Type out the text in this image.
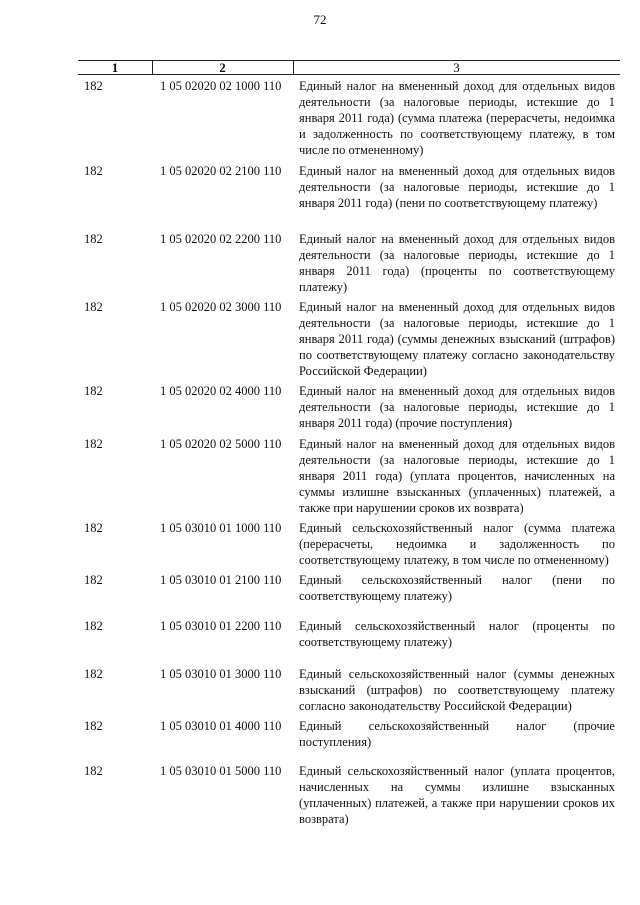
72
1	2	3
182	1 05 02020 02 1000 110 Единый налог на вмененный доход для отдельных видов деятельности (за налоговые периоды, истекшие до 1 января 2011 года) (сумма платежа (перерасчеты, недоимка и задолженность по соответствующему платежу, в том числе по отмененному)
182	1 05 02020 02 2100 110 Единый налог на вмененный доход для отдельных видов деятельности (за налоговые периоды, истекшие до 1 января 2011 года) (пени по соответствующему платежу)
182	1 05 02020 02 2200 110 Единый налог на вмененный доход для отдельных видов деятельности (за налоговые периоды, истекшие до 1 января 2011 года) (проценты по соответствующему платежу)
182	1 05 02020 02 3000 110 Единый налог на вмененный доход для отдельных видов деятельности (за налоговые периоды, истекшие до 1 января 2011 года) (суммы денежных взысканий (штрафов) по соответствующему платежу согласно законодательству Российской Федерации)
182	1 05 02020 02 4000 110 Единый налог на вмененный доход для отдельных видов деятельности (за налоговые периоды, истекшие до 1 января 2011 года) (прочие поступления)
182	1 05 02020 02 5000 110 Единый налог на вмененный доход для отдельных видов деятельности (за налоговые периоды, истекшие до 1 января 2011 года) (уплата процентов, начисленных на суммы излишне взысканных (уплаченных) платежей, а также при нарушении сроков их возврата)
182	1 05 03010 01 1000 110 Единый сельскохозяйственный налог (сумма платежа (перерасчеты, недоимка и задолженность по соответствующему платежу, в том числе по отмененному)
182	1 05 03010 01 2100 110 Единый сельскохозяйственный налог (пени по соответствующему платежу)
182	1 05 03010 01 2200 110 Единый сельскохозяйственный налог (проценты по соответствующему платежу)
182	1 05 03010 01 3000 110 Единый сельскохозяйственный налог (суммы денежных взысканий (штрафов) по соответствующему платежу согласно законодательству Российской Федерации)
182	1 05 03010 01 4000 110 Единый сельскохозяйственный налог (прочие поступления)
182	1 05 03010 01 5000 110 Единый сельскохозяйственный налог (уплата процентов, начисленных на суммы излишне взысканных (уплаченных) платежей, а также при нарушении сроков их возврата)
